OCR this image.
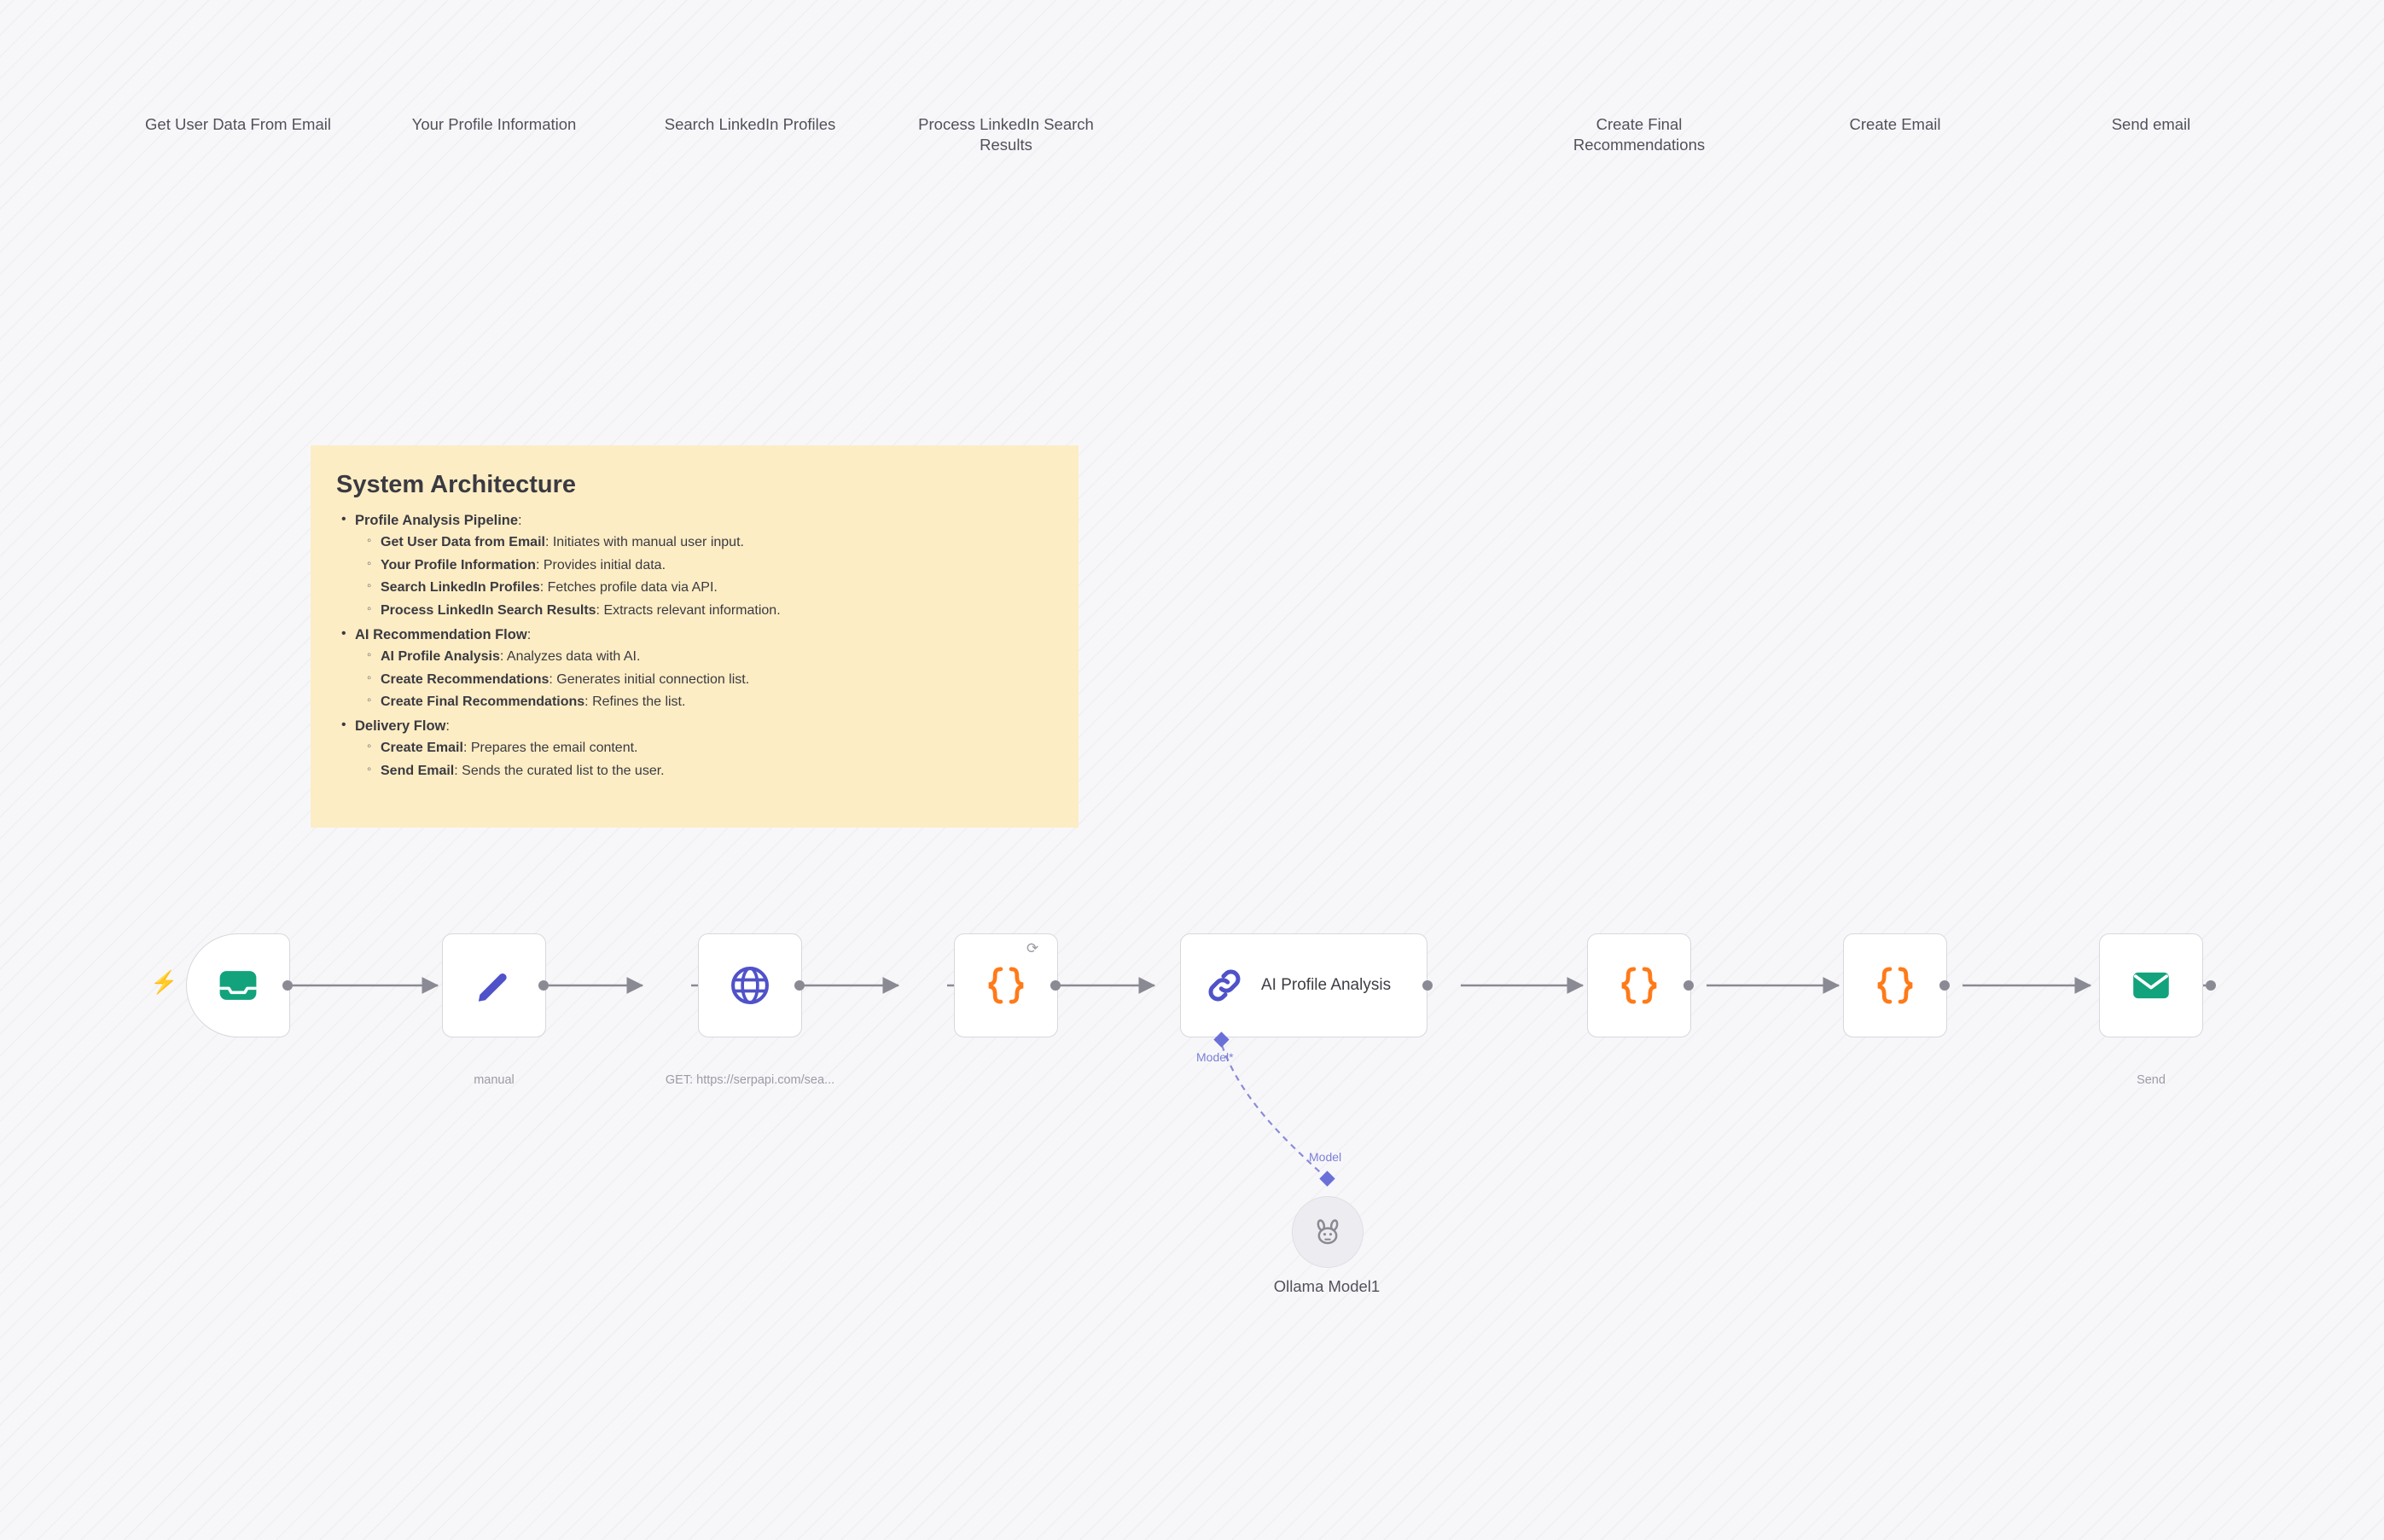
System Architecture
• Profile Analysis Pipeline:
◦ Get User Data from Email: Initiates with manual user input.
◦ Your Profile Information: Provides initial data.
◦ Search LinkedIn Profiles: Fetches profile data via API.
◦ Process LinkedIn Search Results: Extracts relevant information.
• AI Recommendation Flow:
◦ AI Profile Analysis: Analyzes data with AI.
◦ Create Recommendations: Generates initial connection list.
◦ Create Final Recommendations: Refines the list.
• Delivery Flow:
◦ Create Email: Prepares the email content.
◦ Send Email: Sends the curated list to the user.
⚡
Get User Data From Email	Your Profile Information
manual
Search LinkedIn Profiles
GET: https://serpapi.com/sea...
⟳
Process LinkedIn Search Results
AI Profile Analysis
Model*
Create Final Recommendations
Create Email	Send email
Send
Model
Ollama Model1
